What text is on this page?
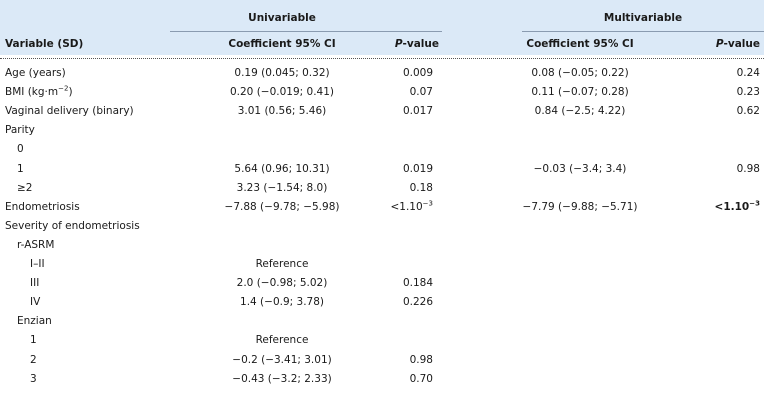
Univariable	Multivariable
Variable (SD)	Coefficient 95% CI	P-value	Coefficient 95% CI	P-value
Age (years)	0.19 (0.045; 0.32)	0.009	0.08 (−0.05; 0.22)	0.24
BMI $(kg\cdot m^{-2})$	0.20 (−0.019; 0.41)	0.07	0.11 (−0.07; 0.28)	0.23
Vaginal delivery (binary)	3.01 (0.56; 5.46)	0.017	0.84 (−2.5; 4.22)	0.62
Parity
0
1	5.64 (0.96; 10.31)	0.019	−0.03 (−3.4; 3.4)	0.98
≥2	3.23 (−1.54; 8.0)	0.18
Endometriosis	−7.88 (−9.78; −5.98)	$<1.10^{-3}$	−7.79 (−9.88; −5.71)	$<1.10^{-3}$
Severity of endometriosis
r-ASRM
I–II	Reference
III	2.0 (−0.98; 5.02)	0.184
IV	1.4 (−0.9; 3.78)	0.226
Enzian
1	Reference
2	−0.2 (−3.41; 3.01)	0.98
3	−0.43 (−3.2; 2.33)	0.70
